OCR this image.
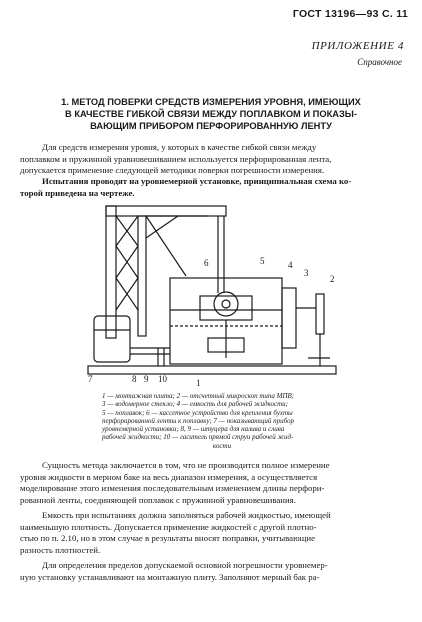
ГОСТ 13196—93 С. 11
ПРИЛОЖЕНИЕ 4
Справочное
1. МЕТОД ПОВЕРКИ СРЕДСТВ ИЗМЕРЕНИЯ УРОВНЯ, ИМЕЮЩИХ
В КАЧЕСТВЕ ГИБКОЙ СВЯЗИ МЕЖДУ ПОПЛАВКОМ И ПОКАЗЫ-
ВАЮЩИМ ПРИБОРОМ ПЕРФОРИРОВАННУЮ ЛЕНТУ
Для средств измерения уровня, у которых в качестве гибкой связи между
поплавком и пружинной уравновешиванием используется перфорированная лента,
допускается применение следующей методики поверки погрешности измерения.
Испытания проводят на уровнемерной установке, принципиальная схема ко-
торой приведена на чертеже.
1
2
3
4
5
6
7	8 9 10
1 — монтажная плита; 2 — отсчетный микроскоп типа МПВ;
3 — водомерное стекло; 4 — емкость для рабочей жидкости;
5 — поплавок; 6 — кассетное устройство для крепления бухты
перфорированной ленты к поплавку; 7 — показывающий прибор
уровнемерной установки; 8, 9 — штуцера для налива и слива
рабочей жидкости; 10 — гаситель прямой струи рабочей жид-
кости
Сущность метода заключается в том, что не производится полное измерение
уровня жидкости в мерном баке на весь диапазон измерения, а осуществляется
моделирование этого изменения последовательным изменением длины перфори-
рованной ленты, соединяющей поплавок с пружинной уравновешивания.
Емкость при испытаниях должна заполняться рабочей жидкостью, имеющей
наименьшую плотность. Допускается применение жидкостей с другой плотно-
стью по п. 2.10, но в этом случае в результаты вносят поправки, учитывающие
разность плотностей.
Для определения пределов допускаемой основной погрешности уровнемер-
ную установку устанавливают на монтажную плиту. Заполняют мерный бак ра-
